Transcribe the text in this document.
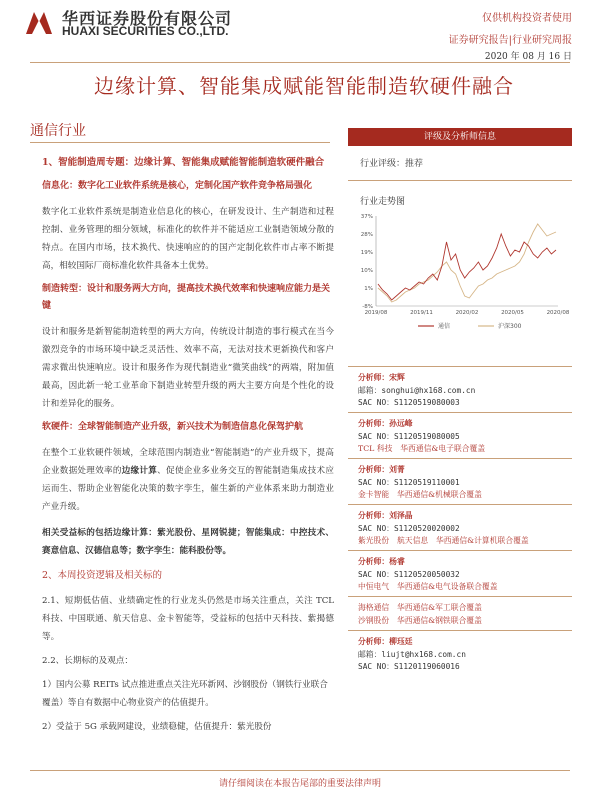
华西证券股份有限公司
HUAXI SECURITIES CO.,LTD.
仅供机构投资者使用
证券研究报告|行业研究周报
2020 年 08 月 16 日
边缘计算、智能集成赋能智能制造软硬件融合
通信行业
1、智能制造周专题：边缘计算、智能集成赋能智能制造软硬件融合
信息化：数字化工业软件系统是核心，定制化国产软件竞争格局强化
数字化工业软件系统是制造业信息化的核心，在研发设计、生产制造和过程控制、业务管理的细分领域，标准化的软件并不能适应工业制造领域分散的特点。在国内市场，技术换代、快速响应的的国产定制化软件市占率不断提高，相较国际厂商标准化软件具备本土优势。
制造转型：设计和服务两大方向，提高技术换代效率和快速响应能力是关键
设计和服务是新智能制造转型的两大方向，传统设计制造的事行模式在当今激烈竞争的市场环境中缺乏灵活性、效率不高，无法对技术更新换代和客户需求微出快速响应。设计和服务作为现代制造业“微笑曲线”的两端，附加值最高，因此新一轮工业革命下制造业转型升级的两大主要方向是个性化的设计和差异化的服务。
软硬件：全球智能制造产业升级，新兴技术为制造信息化保驾护航
在整个工业软硬件领域，全球范围内制造业“智能制造”的产业升级下，提高企业数据处理效率的边缘计算、促使企业多业务交互的智能制造集成技术应运而生、帮助企业智能化决策的数字孪生，催生新的产业体系来助力制造业产业升级。
相关受益标的包括边缘计算：紫光股份、星网锐捷；智能集成：中控技术、赛意信息、汉德信息等；数字孪生：能科股份等。
2、本周投资逻辑及相关标的
2.1、短期低估值、业绩确定性的行业龙头仍然是市场关注重点，关注 TCL 科技、中国联通、航天信息、金卡智能等，受益标的包括中天科技、紫揭德等。
2.2、长期标的及观点：
1）国内公募 REITs 试点推进重点关注光环新网、沙钢股份（钢铁行业联合覆盖）等自有数据中心物业资产的估值提升。
2）受益于 5G 承载网建设，业绩稳健，估值提升：紫光股份
评级及分析师信息
行业评级：推荐
行业走势图
37%
28%
19%
10%
1%
-8%
2019/08	2019/11	2020/02	2020/05	2020/08
通信	沪深300
分析师：宋辉
邮箱：songhui@hx168.com.cn
SAC NO：S1120519080003
分析师：孙远峰
SAC NO：S1120519080005
TCL 科技　华西通信&电子联合覆盖
分析师：刘菁
SAC NO：S1120519110001
金卡智能　华西通信&机械联合覆盖
分析师：刘泽晶
SAC NO：S1120520020002
紫光股份　航天信息　华西通信&计算机联合覆盖
分析师：杨睿
SAC NO：S1120520050032
中恒电气　华西通信&电气设备联合覆盖
海格通信　华西通信&军工联合覆盖
沙钢股份　华西通信&钢铁联合覆盖
分析师：柳珏廷
邮箱：liujt@hx168.com.cn
SAC NO：S1120119060016
请仔细阅读在本报告尾部的重要法律声明
